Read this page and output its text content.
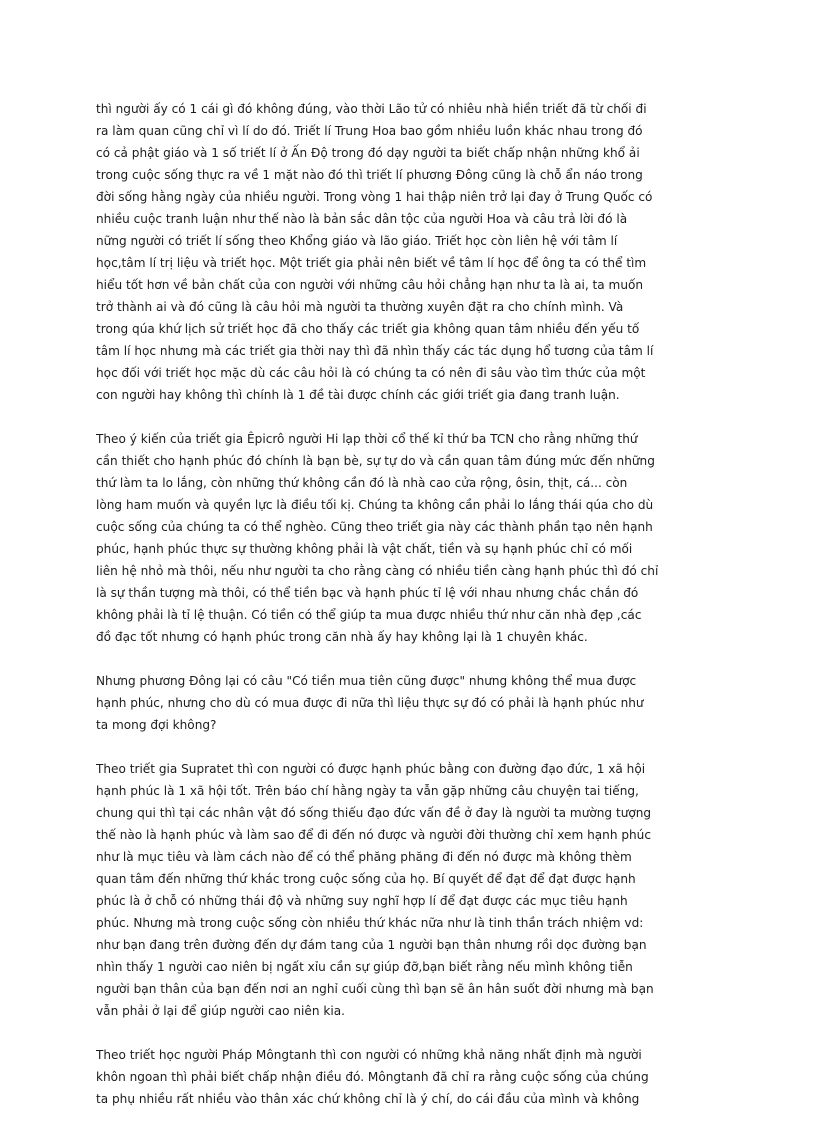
thì người ấy có 1 cái gì đó không đúng, vào thời Lão tử có nhiêu nhà hiền triết đã từ chối đi
ra làm quan cũng chỉ vì lí do đó. Triết lí Trung Hoa bao gồm nhiều luồn khác nhau trong đó
có cả phật giáo và 1 số triết lí ở Ấn Độ trong đó dạy người ta biết chấp nhận những khổ ải
trong cuộc sống thực ra về 1 mặt nào đó thì triết lí phương Đông cũng là chỗ ẩn náo trong
đời sống hằng ngày của nhiều người. Trong vòng 1 hai thập niên trở lại đay ở Trung Quốc có
nhiều cuộc tranh luận như thế nào là bản sắc dân tộc của người Hoa và câu trả lời đó là
nững người có triết lí sống theo Khổng giáo và lão giáo. Triết học còn liên hệ với tâm lí
học,tâm lí trị liệu và triết học. Một triết gia phải nên biết về tâm lí học để ông ta có thể tìm
hiểu tốt hơn về bản chất của con người với những câu hỏi chẳng hạn như ta là ai, ta muốn
trở thành ai và đó cũng là câu hỏi mà người ta thường xuyên đặt ra cho chính mình. Và
trong qúa khứ lịch sử triết học đã cho thấy các triết gia không quan tâm nhiều đến yếu tố
tâm lí học nhưng mà các triết gia thời nay thì đã nhìn thấy các tác dụng hổ tương của tâm lí
học đối với triết học mặc dù các câu hỏi là có chúng ta có nên đi sâu vào tìm thức của một
con người hay không thì chính là 1 đề tài được chính các giới triết gia đang tranh luận.
Theo ý kiến của triết gia Êpicrô người Hi lạp thời cổ thế kỉ thứ ba TCN cho rằng những thứ
cần thiết cho hạnh phúc đó chính là bạn bè, sự tự do và cần quan tâm đúng mức đến những
thứ làm ta lo lắng, còn những thứ không cần đó là nhà cao cửa rộng, ôsin, thịt, cá... còn
lòng ham muốn và quyền lực là điều tối kị. Chúng ta không cần phải lo lắng thái qúa cho dù
cuộc sống của chúng ta có thể nghèo. Cũng theo triết gia này các thành phần tạo nên hạnh
phúc, hạnh phúc thực sự thường không phải là vật chất, tiền và sụ hạnh phúc chỉ có mối
liên hệ nhỏ mà thôi, nếu như người ta cho rằng càng có nhiều tiền càng hạnh phúc thì đó chỉ
là sự thần tượng mà thôi, có thể tiền bạc và hạnh phúc tỉ lệ với nhau nhưng chắc chắn đó
không phải là tỉ lệ thuận. Có tiền có thể giúp ta mua được nhiều thứ như căn nhà đẹp ,các
đồ đạc tốt nhưng có hạnh phúc trong căn nhà ấy hay không lại là 1 chuyên khác.
Nhưng phương Đông lại có câu "Có tiền mua tiên cũng được" nhưng không thể mua được
hạnh phúc, nhưng cho dù có mua được đi nữa thì liệu thực sự đó có phải là hạnh phúc như
ta mong đợi không?
Theo triết gia Supratet thì con người có được hạnh phúc bằng con đường đạo đức, 1 xã hội
hạnh phúc là 1 xã hội tốt. Trên báo chí hằng ngày ta vẫn gặp những câu chuyện tai tiếng,
chung qui thì tại các nhân vật đó sống thiếu đạo đức vấn đề ở đay là người ta mường tượng
thế nào là hạnh phúc và làm sao để đi đến nó được và người đời thường chỉ xem hạnh phúc
như là mục tiêu và làm cách nào để có thể phăng phăng đi đến nó được mà không thèm
quan tâm đến những thứ khác trong cuộc sống của họ. Bí quyết để đạt để đạt được hạnh
phúc là ở chỗ có những thái độ và những suy nghĩ hợp lí để đạt được các mục tiêu hạnh
phúc. Nhưng mà trong cuộc sống còn nhiều thứ khác nữa như là tinh thần trách nhiệm vd:
như bạn đang trên đường đến dự đám tang của 1 người bạn thân nhưng rồi dọc đường bạn
nhìn thấy 1 người cao niên bị ngất xỉu cần sự giúp đỡ,bạn biết rằng nếu mình không tiễn
người bạn thân của bạn đến nơi an nghỉ cuối cùng thì bạn sẽ ân hân suốt đời nhưng mà bạn
vẫn phải ở lại để giúp người cao niên kia.
Theo triết học người Pháp Môngtanh thì con người có những khả năng nhất định mà người
khôn ngoan thì phải biết chấp nhận điều đó. Môngtanh đã chỉ ra rằng cuộc sống của chúng
ta phụ nhiều rất nhiều vào thân xác chứ không chỉ là ý chí, do cái đầu của mình và không
